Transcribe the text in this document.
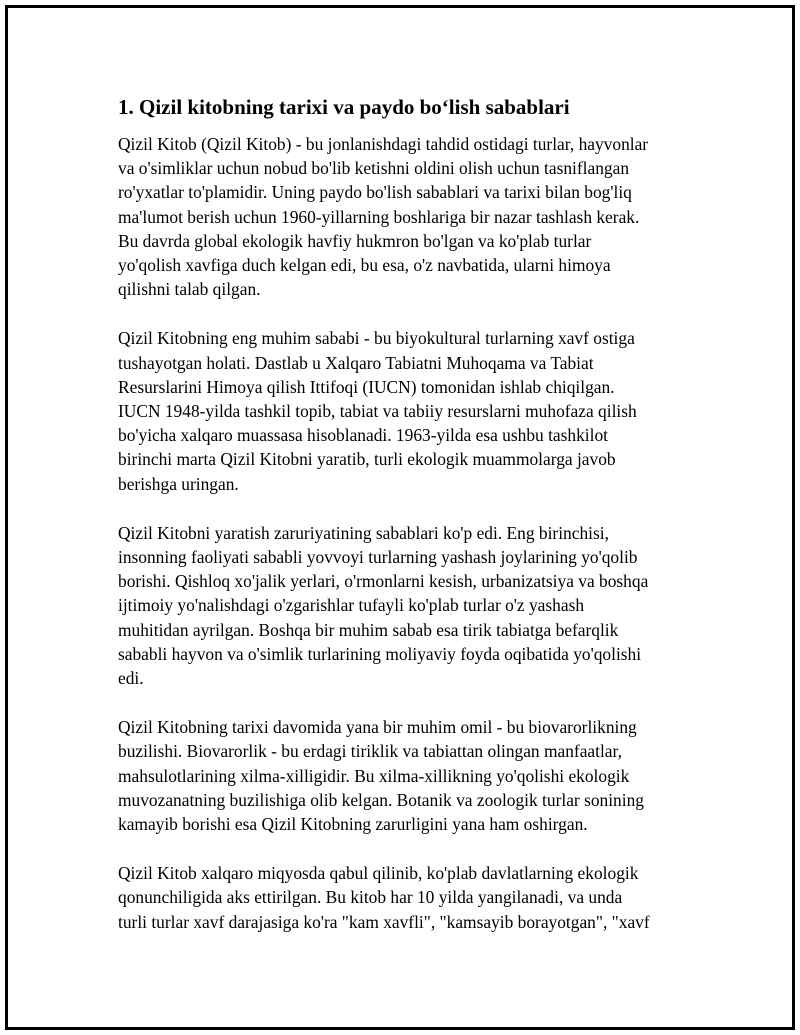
1. Qizil kitobning tarixi va paydo bo‘lish sabablari
Qizil Kitob (Qizil Kitob) - bu jonlanishdagi tahdid ostidagi turlar, hayvonlar
va o'simliklar uchun nobud bo'lib ketishni oldini olish uchun tasniflangan
ro'yxatlar to'plamidir. Uning paydo bo'lish sabablari va tarixi bilan bog'liq
ma'lumot berish uchun 1960-yillarning boshlariga bir nazar tashlash kerak.
Bu davrda global ekologik havfiy hukmron bo'lgan va ko'plab turlar
yo'qolish xavfiga duch kelgan edi, bu esa, o'z navbatida, ularni himoya
qilishni talab qilgan.
Qizil Kitobning eng muhim sababi - bu biyokultural turlarning xavf ostiga
tushayotgan holati. Dastlab u Xalqaro Tabiatni Muhoqama va Tabiat
Resurslarini Himoya qilish Ittifoqi (IUCN) tomonidan ishlab chiqilgan.
IUCN 1948-yilda tashkil topib, tabiat va tabiiy resurslarni muhofaza qilish
bo'yicha xalqaro muassasa hisoblanadi. 1963-yilda esa ushbu tashkilot
birinchi marta Qizil Kitobni yaratib, turli ekologik muammolarga javob
berishga uringan.
Qizil Kitobni yaratish zaruriyatining sabablari ko'p edi. Eng birinchisi,
insonning faoliyati sababli yovvoyi turlarning yashash joylarining yo'qolib
borishi. Qishloq xo'jalik yerlari, o'rmonlarni kesish, urbanizatsiya va boshqa
ijtimoiy yo'nalishdagi o'zgarishlar tufayli ko'plab turlar o'z yashash
muhitidan ayrilgan. Boshqa bir muhim sabab esa tirik tabiatga befarqlik
sababli hayvon va o'simlik turlarining moliyaviy foyda oqibatida yo'qolishi
edi.
Qizil Kitobning tarixi davomida yana bir muhim omil - bu biovarorlikning
buzilishi. Biovarorlik - bu erdagi tiriklik va tabiattan olingan manfaatlar,
mahsulotlarining xilma-xilligidir. Bu xilma-xillikning yo'qolishi ekologik
muvozanatning buzilishiga olib kelgan. Botanik va zoologik turlar sonining
kamayib borishi esa Qizil Kitobning zarurligini yana ham oshirgan.
Qizil Kitob xalqaro miqyosda qabul qilinib, ko'plab davlatlarning ekologik
qonunchiligida aks ettirilgan. Bu kitob har 10 yilda yangilanadi, va unda
turli turlar xavf darajasiga ko'ra "kam xavfli", "kamsayib borayotgan", "xavf
